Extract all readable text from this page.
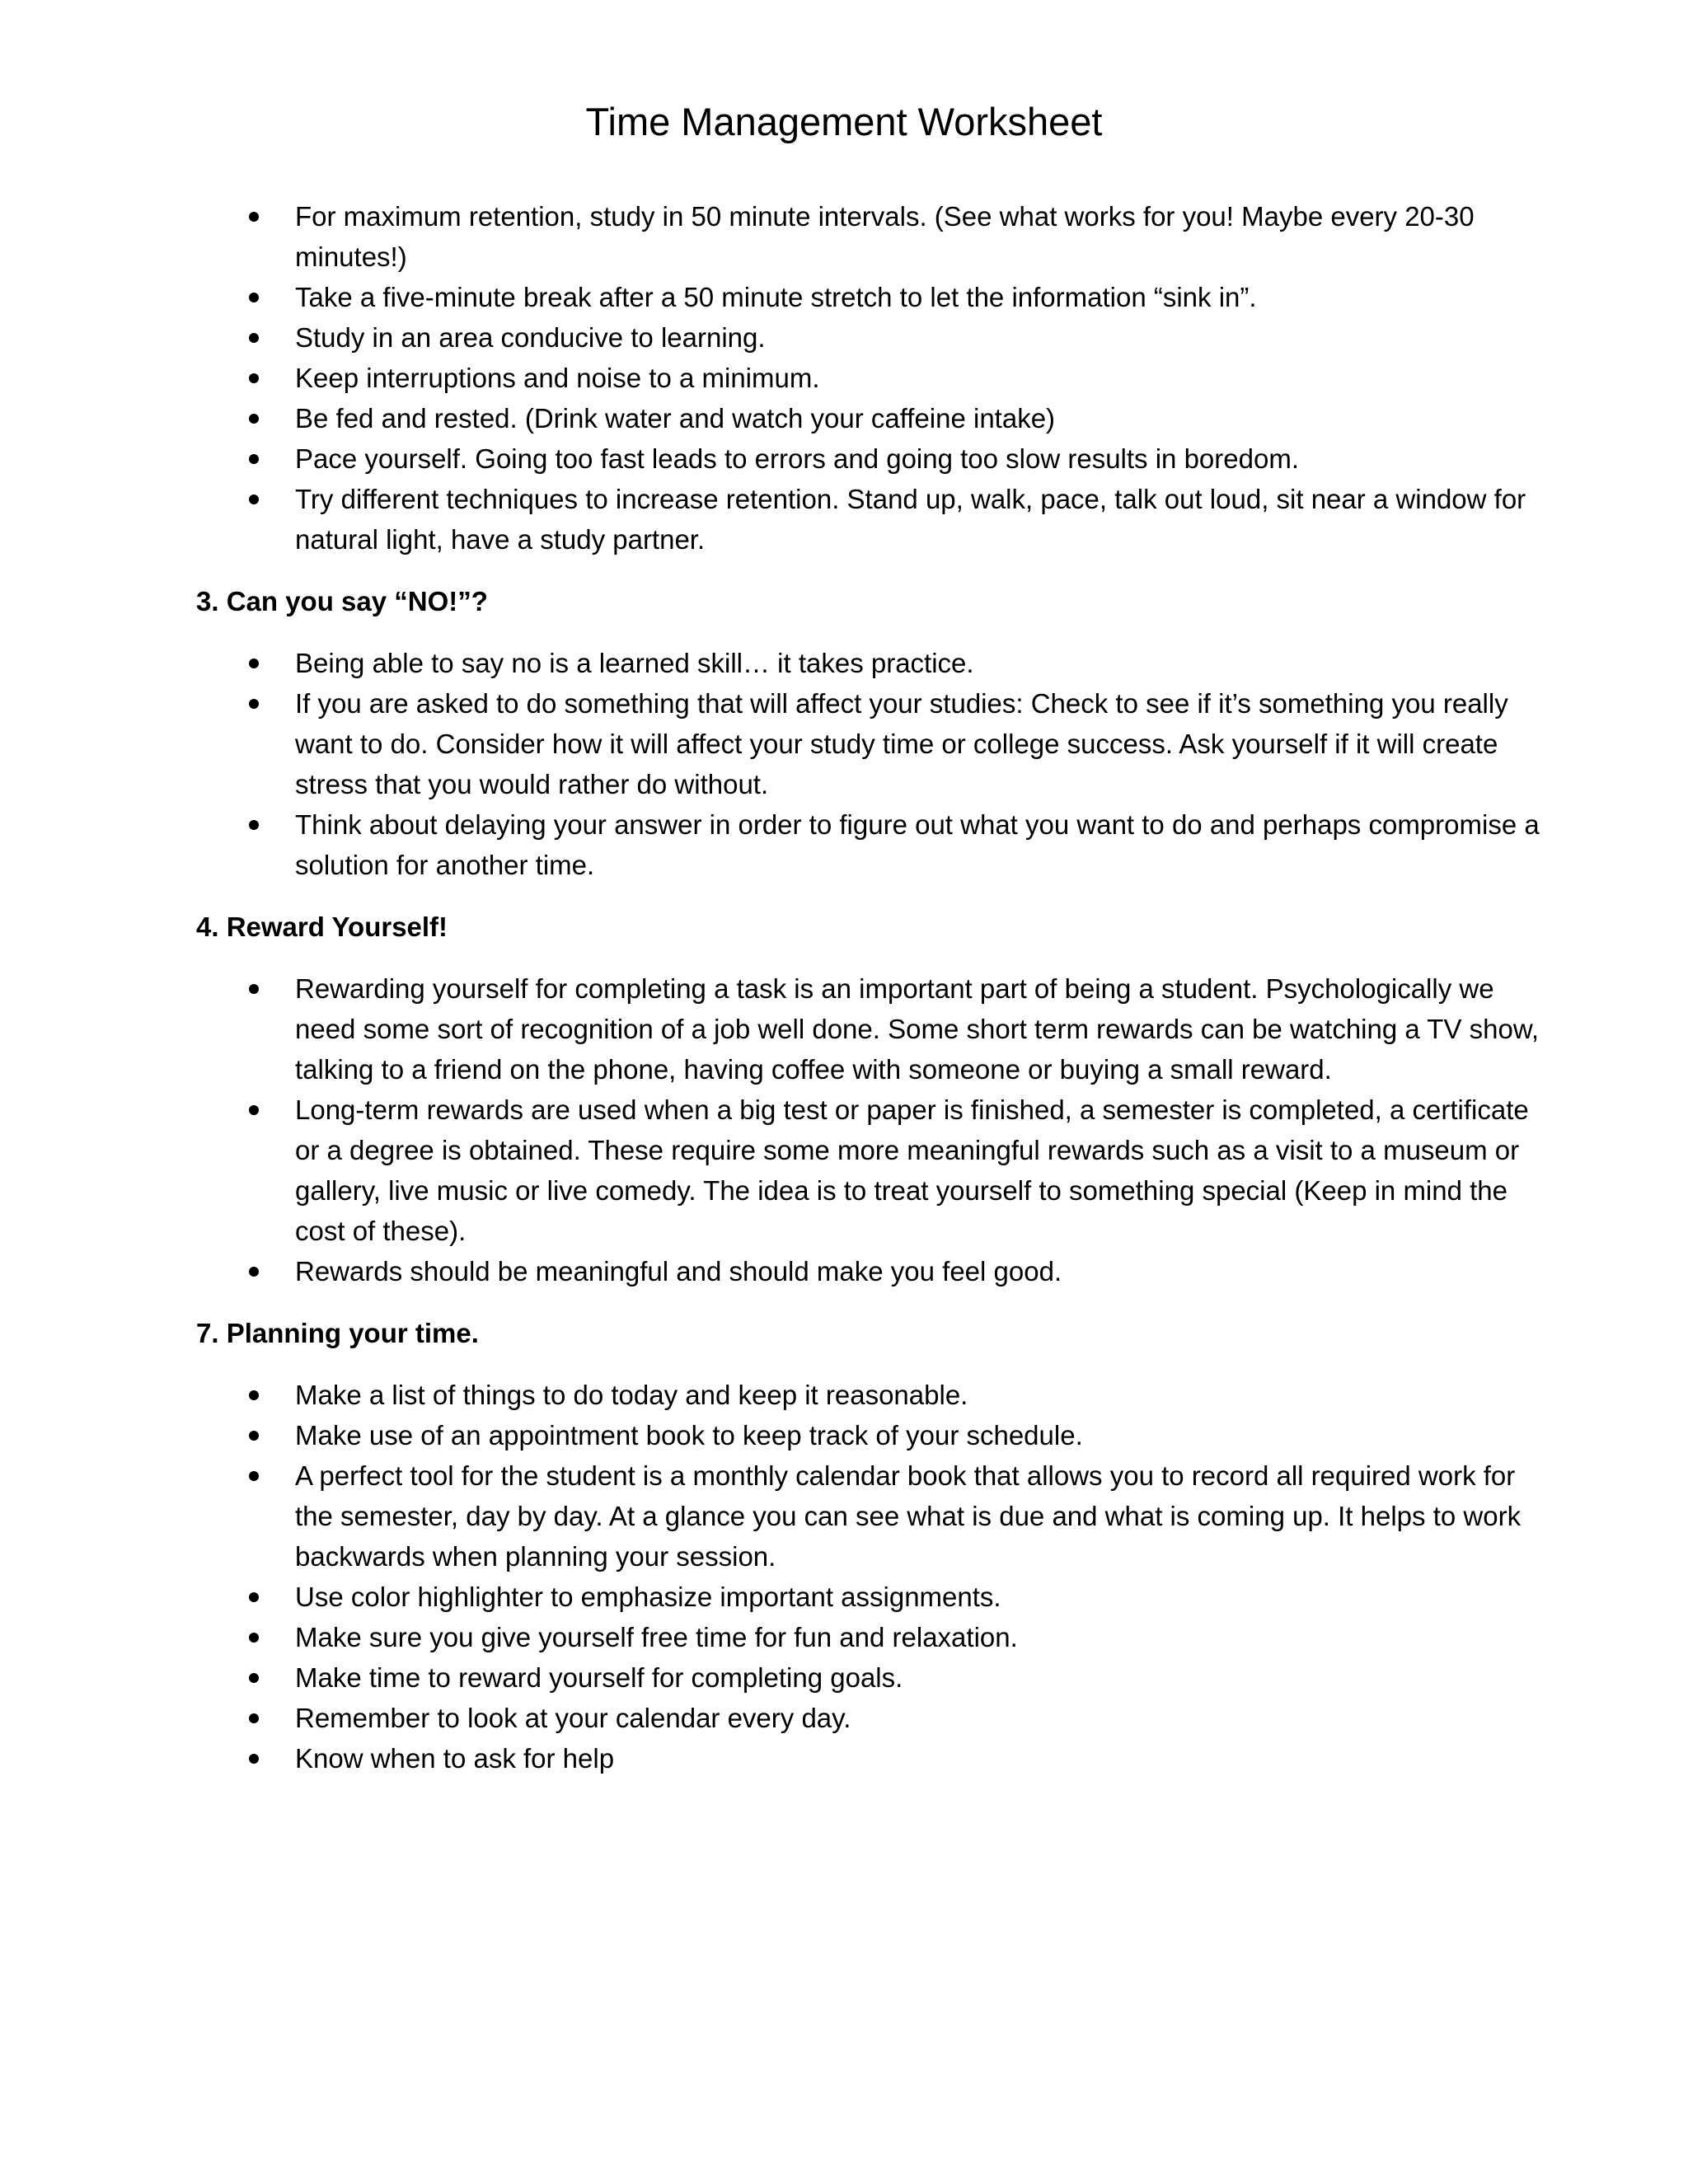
Time Management Worksheet
For maximum retention, study in 50 minute intervals. (See what works for you! Maybe every 20-30 minutes!)
Take a five-minute break after a 50 minute stretch to let the information “sink in”.
Study in an area conducive to learning.
Keep interruptions and noise to a minimum.
Be fed and rested. (Drink water and watch your caffeine intake)
Pace yourself. Going too fast leads to errors and going too slow results in boredom.
Try different techniques to increase retention. Stand up, walk, pace, talk out loud, sit near a window for natural light, have a study partner.
3. Can you say “NO!”?
Being able to say no is a learned skill… it takes practice.
If you are asked to do something that will affect your studies: Check to see if it’s something you really want to do. Consider how it will affect your study time or college success. Ask yourself if it will create stress that you would rather do without.
Think about delaying your answer in order to figure out what you want to do and perhaps compromise a solution for another time.
4. Reward Yourself!
Rewarding yourself for completing a task is an important part of being a student. Psychologically we need some sort of recognition of a job well done. Some short term rewards can be watching a TV show, talking to a friend on the phone, having coffee with someone or buying a small reward.
Long-term rewards are used when a big test or paper is finished, a semester is completed, a certificate or a degree is obtained. These require some more meaningful rewards such as a visit to a museum or gallery, live music or live comedy. The idea is to treat yourself to something special (Keep in mind the cost of these).
Rewards should be meaningful and should make you feel good.
7. Planning your time.
Make a list of things to do today and keep it reasonable.
Make use of an appointment book to keep track of your schedule.
A perfect tool for the student is a monthly calendar book that allows you to record all required work for the semester, day by day. At a glance you can see what is due and what is coming up. It helps to work backwards when planning your session.
Use color highlighter to emphasize important assignments.
Make sure you give yourself free time for fun and relaxation.
Make time to reward yourself for completing goals.
Remember to look at your calendar every day.
Know when to ask for help
